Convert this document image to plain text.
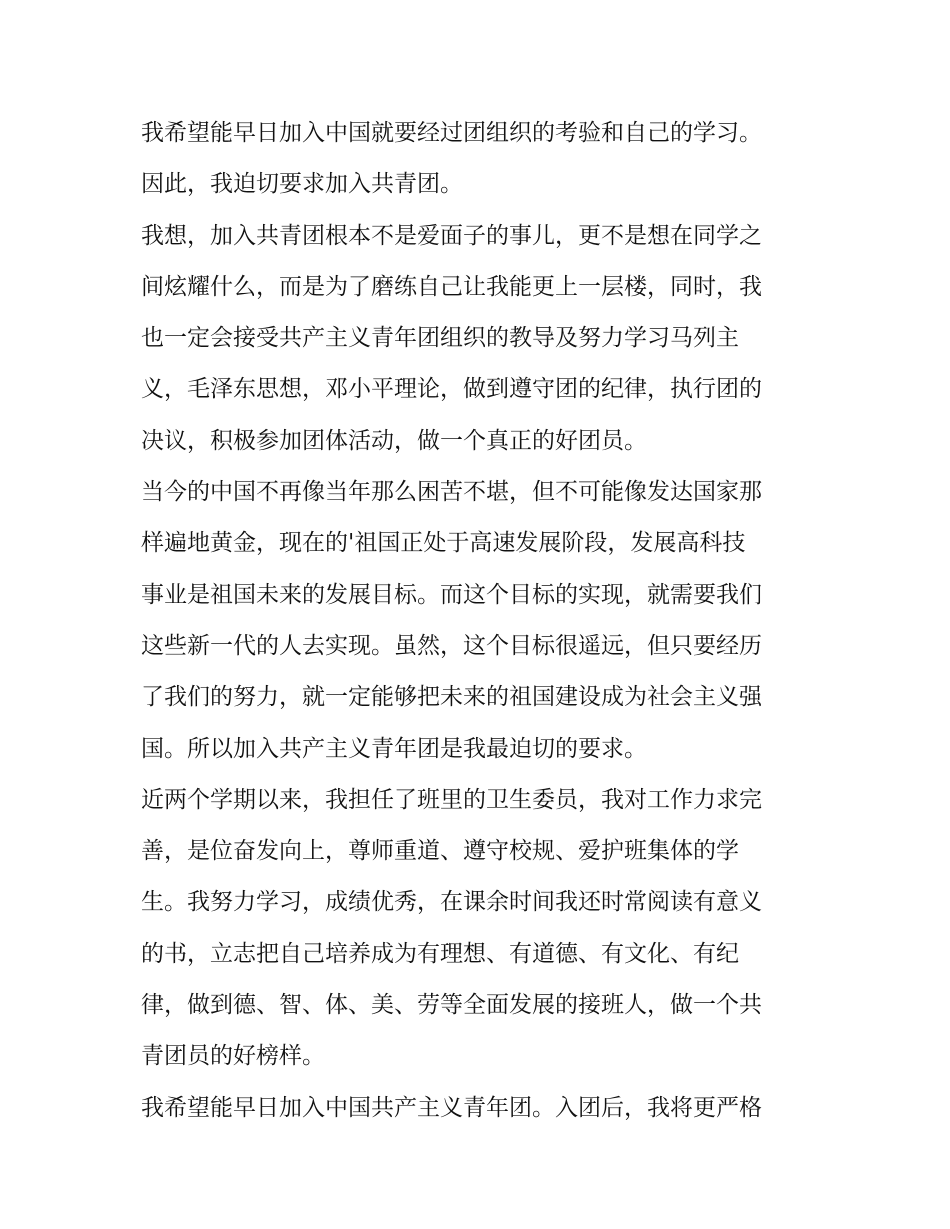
我希望能早日加入中国就要经过团组织的考验和自己的学习。
因此，我迫切要求加入共青团。
我想，加入共青团根本不是爱面子的事儿，更不是想在同学之
间炫耀什么，而是为了磨练自己让我能更上一层楼，同时，我
也一定会接受共产主义青年团组织的教导及努力学习马列主
义，毛泽东思想，邓小平理论，做到遵守团的纪律，执行团的
决议，积极参加团体活动，做一个真正的好团员。
当今的中国不再像当年那么困苦不堪，但不可能像发达国家那
样遍地黄金，现在的'祖国正处于高速发展阶段，发展高科技
事业是祖国未来的发展目标。而这个目标的实现，就需要我们
这些新一代的人去实现。虽然，这个目标很遥远，但只要经历
了我们的努力，就一定能够把未来的祖国建设成为社会主义强
国。所以加入共产主义青年团是我最迫切的要求。
近两个学期以来，我担任了班里的卫生委员，我对工作力求完
善，是位奋发向上，尊师重道、遵守校规、爱护班集体的学
生。我努力学习，成绩优秀，在课余时间我还时常阅读有意义
的书，立志把自己培养成为有理想、有道德、有文化、有纪
律，做到德、智、体、美、劳等全面发展的接班人，做一个共
青团员的好榜样。
我希望能早日加入中国共产主义青年团。入团后，我将更严格
